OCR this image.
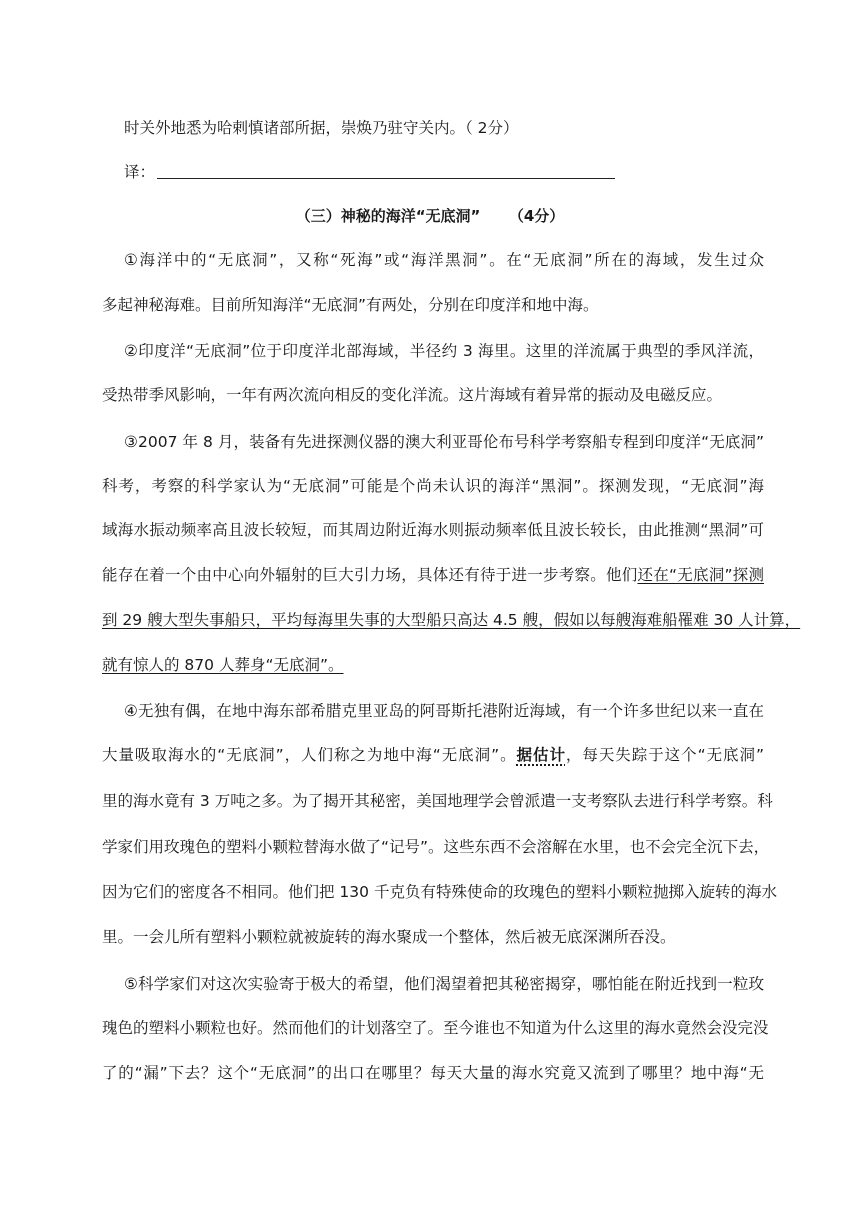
时关外地悉为哈剌慎诸部所据，崇焕乃驻守关内。（ 2分）
译：
（三）神秘的海洋“无底洞” （4分）
①海洋中的“无底洞”，又称“死海”或“海洋黑洞”。在“无底洞”所在的海域，发生过众
多起神秘海难。目前所知海洋“无底洞”有两处，分别在印度洋和地中海。
②印度洋“无底洞”位于印度洋北部海域，半径约 3 海里。这里的洋流属于典型的季风洋流，
受热带季风影响，一年有两次流向相反的变化洋流。这片海域有着异常的振动及电磁反应。
③2007 年 8 月，装备有先进探测仪器的澳大利亚哥伦布号科学考察船专程到印度洋“无底洞”
科考，考察的科学家认为“无底洞”可能是个尚未认识的海洋“黑洞”。探测发现，“无底洞”海
域海水振动频率高且波长较短，而其周边附近海水则振动频率低且波长较长，由此推测“黑洞”可
能存在着一个由中心向外辐射的巨大引力场，具体还有待于进一步考察。他们还在“无底洞”探测
到 29 艘大型失事船只，平均每海里失事的大型船只高达 4.5 艘，假如以每艘海难船罹难 30 人计算，
就有惊人的 870 人葬身“无底洞”。
④无独有偶，在地中海东部希腊克里亚岛的阿哥斯托港附近海域，有一个许多世纪以来一直在
大量吸取海水的“无底洞”，人们称之为地中海“无底洞”。据估计，每天失踪于这个“无底洞”
里的海水竟有 3 万吨之多。为了揭开其秘密，美国地理学会曾派遣一支考察队去进行科学考察。科
学家们用玫瑰色的塑料小颗粒替海水做了“记号”。这些东西不会溶解在水里，也不会完全沉下去，
因为它们的密度各不相同。他们把 130 千克负有特殊使命的玫瑰色的塑料小颗粒抛掷入旋转的海水
里。一会儿所有塑料小颗粒就被旋转的海水聚成一个整体，然后被无底深渊所吞没。
⑤科学家们对这次实验寄于极大的希望，他们渴望着把其秘密揭穿，哪怕能在附近找到一粒玫
瑰色的塑料小颗粒也好。然而他们的计划落空了。至今谁也不知道为什么这里的海水竟然会没完没
了的“漏”下去？这个“无底洞”的出口在哪里？每天大量的海水究竟又流到了哪里？地中海“无
